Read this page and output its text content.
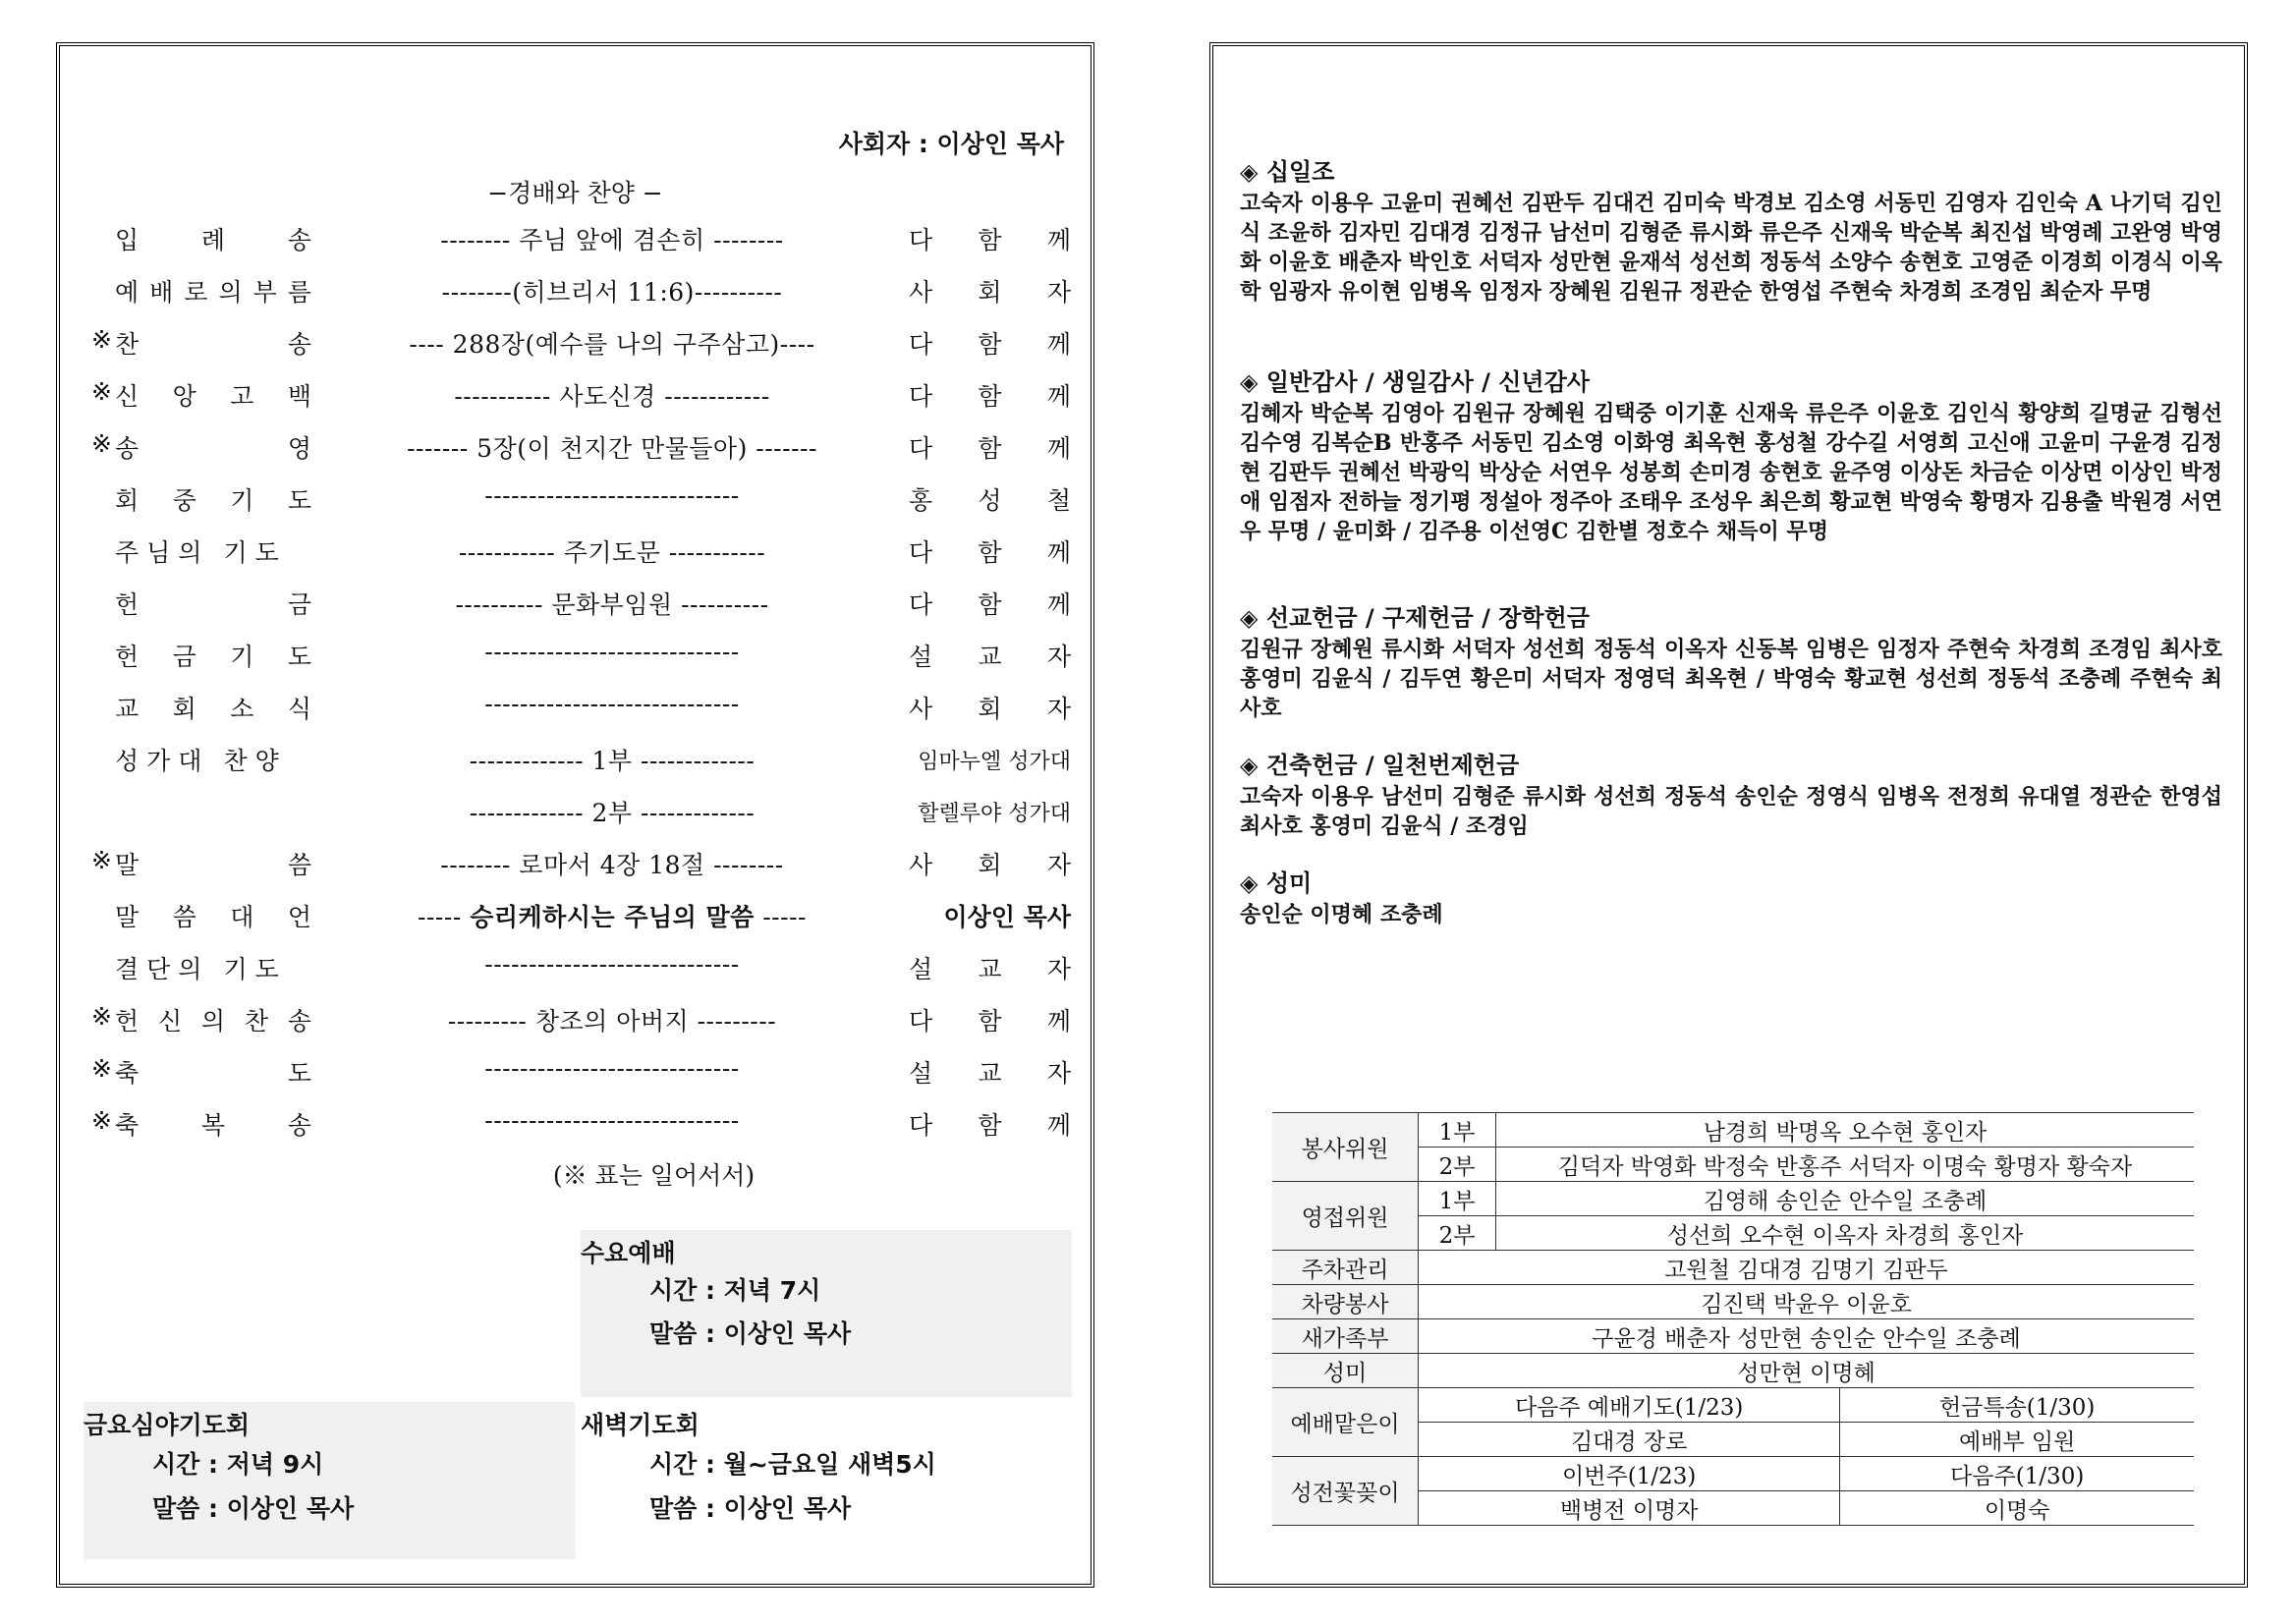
사회자 : 이상인 목사
−경배와 찬양 −
입	례	송	-------- 주님 앞에 겸손히 --------	다 함 께
예 배 로 의 부 름	--------(히브리서 11:6)----------	사 회 자
※ 찬	송	---- 288장(예수를 나의 구주삼고)----	다 함 께
※ 신 앙 고 백	----------- 사도신경 ------------	다 함 께
※ 송	영	------- 5장(이 천지간 만물들아) -------	다 함 께
회 중 기 도	-----------------------------	홍 성 철
주님의 기도	----------- 주기도문 -----------	다 함 께
헌	금	---------- 문화부임원 ----------	다 함 께
헌 금 기 도	-----------------------------	설 교 자
교 회 소 식	-----------------------------	사 회 자
성가대 찬양	------------- 1부 -------------	임마누엘 성가대
------------- 2부 -------------	할렐루야 성가대
※ 말	씀	-------- 로마서 4장 18절 --------	사 회 자
말 씀 대 언	----- 승리케하시는 주님의 말씀 -----	이상인 목사
결단의 기도	-----------------------------	설 교 자
※ 헌 신 의 찬 송	--------- 창조의 아버지 ---------	다 함 께
※ 축	도	-----------------------------	설 교 자
※ 축	복	송	-----------------------------	다 함 께
(※ 표는 일어서서)
수요예배
시간 : 저녁 7시
말씀 : 이상인 목사
금요심야기도회
시간 : 저녁 9시
말씀 : 이상인 목사
새벽기도회
시간 : 월~금요일 새벽5시
말씀 : 이상인 목사
◈ 십일조

고숙자 이용우 고윤미 권혜선 김판두 김대건 김미숙 박경보 김소영 서동민 김영자 김인숙 A 나기덕 김인식 조윤하 김자민 김대경 김정규 남선미 김형준 류시화 류은주 신재욱 박순복 최진섭 박영례 고완영 박영화 이윤호 배춘자 박인호 서덕자 성만현 윤재석 성선희 정동석 소양수 송현호 고영준 이경희 이경식 이옥학 임광자 유이현 임병옥 임정자 장혜원 김원규 정관순 한영섭 주현숙 차경희 조경임 최순자 무명

◈ 일반감사 / 생일감사 / 신년감사

김혜자 박순복 김영아 김원규 장혜원 김택중 이기훈 신재욱 류은주 이윤호 김인식 황양희 길명균 김형선 김수영 김복순B 반홍주 서동민 김소영 이화영 최옥현 홍성철 강수길 서영희 고신애 고윤미 구윤경 김정현 김판두 권혜선 박광익 박상순 서연우 성봉희 손미경 송현호 윤주영 이상돈 차금순 이상면 이상인 박정애 임점자 전하늘 정기평 정설아 정주아 조태우 조성우 최은희 황교현 박영숙 황명자 김용출 박원경 서연우 무명 / 윤미화 / 김주용 이선영C 김한별 정호수 채득이 무명

◈ 선교헌금 / 구제헌금 / 장학헌금

김원규 장혜원 류시화 서덕자 성선희 정동석 이옥자 신동복 임병은 임정자 주현숙 차경희 조경임 최사호 홍영미 김윤식 / 김두연 황은미 서덕자 정영덕 최옥현 / 박영숙 황교현 성선희 정동석 조충례 주현숙 최사호

◈ 건축헌금 / 일천번제헌금

고숙자 이용우 남선미 김형준 류시화 성선희 정동석 송인순 정영식 임병옥 전정희 유대열 정관순 한영섭 최사호 홍영미 김윤식 / 조경임

◈ 성미

송인순 이명혜 조충례

봉사위원	1부	남경희 박명옥 오수현 홍인자	
	2부	김덕자 박영화 박정숙 반홍주 서덕자 이명숙 황명자 황숙자	
영접위원	1부	김영해 송인순 안수일 조충례	
	2부	성선희 오수현 이옥자 차경희 홍인자	
주차관리	고원철 김대경 김명기 김판두		
차량봉사	김진택 박윤우 이윤호		
새가족부	구윤경 배춘자 성만현 송인순 안수일 조충례		
성미	성만현 이명혜		
예배맡은이	다음주 예배기도(1/23)		헌금특송(1/30)
	김대경 장로		예배부 임원
성전꽃꽂이	이번주(1/23)		다음주(1/30)
	백병전 이명자		이명숙
